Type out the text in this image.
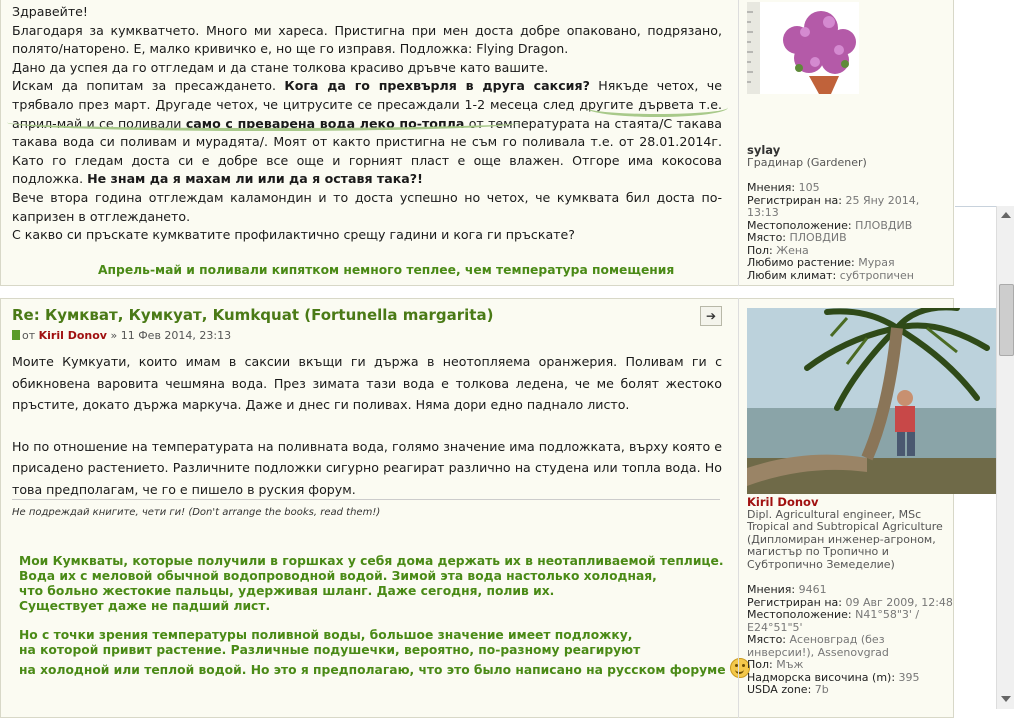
Здравейте!

Благодаря за кумкватчето. Много ми хареса. Пристигна при мен доста добре опаковано, подрязано, полято/наторено. Е, малко кривичко е, но ще го изправя. Подложка: Flying Dragon.

Дано да успея да го отгледам и да стане толкова красиво дръвче като вашите.

Искам да попитам за пресаждането. Кога да го прехвърля в друга саксия? Някъде четох, че трябвало през март. Другаде четох, че цитрусите се пресаждали 1-2 месеца след другите дърветa т.е. април-май и се поливали само с преварена вода леко по-топла от температурата на стаята/С такава такава вода си поливам и мурадята/. Моят от както пристигна не съм го поливала т.е. от 28.01.2014г. Като го гледам доста си е добре все още и горният пласт е още влажен. Отгоре има кокосова подложка. Не знам да я махам ли или да я оставя така?!

Вече втора година отглеждам каламондин и то доста успешно но четох, че кумквата бил доста по-капризен в отглеждането.

С какво си пръскате кумкватите профилактично срещу гадини и кога ги пръскате?

Апрель-май и поливали кипятком немного теплее, чем температура помещения
sylay
Градинар (Gardener)
Мнения: 105
Регистриран на: 25 Яну 2014, 13:13
Местоположение: ПЛОВДИВ
Място: ПЛОВДИВ
Пол: Жена
Любимо растение: Мурая
Любим климат: субтропичен
Re: Кумкват, Кумкуат, Kumkquat (Fortunella margarita)
от Kiril Donov » 11 Фев 2014, 23:13
➔

Моите Кумкуати, които имам в саксии вкъщи ги държа в неотопляема оранжерия. Поливам ги с обикновена варовита чешмяна вода. През зимата тази вода е толкова ледена, че ме болят жестоко пръстите, докато държа маркуча. Даже и днес ги поливах. Няма дори едно паднало листо.

Но по отношение на температурата на поливната вода, голямо значение има подложката, върху която е присадено растението. Различните подложки сигурно реагират различно на студена или топла вода. Но това предполагам, че го е пишело в руския форум.

Не подреждай книгите, чети ги! (Don't arrange the books, read them!)

Мои Кумкваты, которые получили в горшках у себя дома держать их в неотапливаемой теплице.
Вода их с меловой обычной водопроводной водой. Зимой эта вода настолько холодная,
что больно жестокие пальцы, удерживая шланг. Даже сегодня, полив их.
Существует даже не падший лист.

Но с точки зрения температуры поливной воды, большое значение имеет подложку,
на которой привит растение. Различные подушечки, вероятно, по-разному реагируют
на холодной или теплой водой. Но это я предполагаю, что это было написано на русском форуме

Kiril Donov
Dipl. Agricultural engineer, MSc Tropical and Subtropical Agriculture (Дипломиран инженер-агроном, магистър по Тропично и Субтропично Земеделие)
Мнения: 9461
Регистриран на: 09 Авг 2009, 12:48
Местоположение: N41°58"3' / E24°51"5'
Място: Асеновград (без инверсии!), Assenovgrad
Пол: Мъж
Надморска височина (m): 395
USDA zone: 7b
